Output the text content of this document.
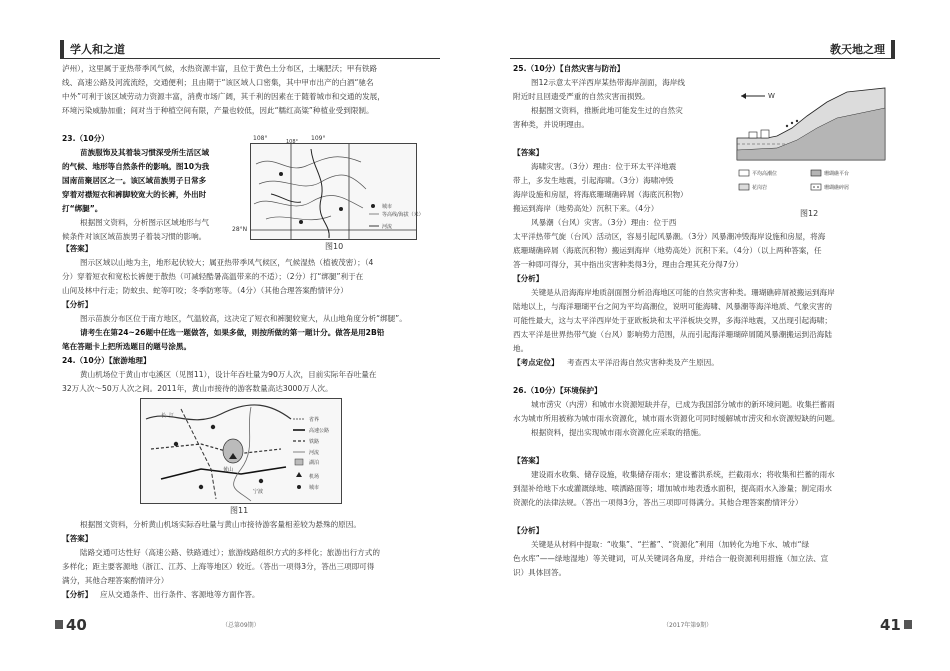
学人和之道
泸州），这里属于亚热带季风气候，水热资源丰富，且位于黄色土分布区，土壤肥沃；甲有铁路
线、高速公路及河流流经，交通便利；且由期于“该区域人口密集，其中甲市出产的白酒“驰名
中外”可利于该区域劳动力资源丰富，消费市场广阔，其千利的因素在于随着城市和交通的发展，
环境污染威胁加重；间对当于种植空间有限，产量也较低，因此“糯红高粱”种植业受到限制。
23.（10分）
苗族服饰及其着装习惯深受所生活区域
的气候、地形等自然条件的影响。图10为我
国南苗聚居区之一。该区域苗族男子日常多
穿着对襟短衣和裤脚较宽大的长裤，外出时
打“绑腿”。
根据图文资料，分析图示区域地形与气
候条件对该区域苗族男子着装习惯的影响。
108°
城市
等高线/海拔（米）
河流
108°	109°
28°N
图10
【答案】
图示区域以山地为主，地形起伏较大；属亚热带季风气候区，气候湿热（植被茂密）；（4
分）穿着短衣和宽松长裤便于散热（可减轻酷暑高温带来的不适）；（2分）打“绑腿”利于在
山间及林中行走；防蚊虫、蛇等叮咬；冬季防寒等。（4分）（其他合理答案酌情评分）
【分析】
图示苗族分布区位于南方地区，气温较高，这决定了短衣和裤腿较宽大，从山地角度分析“绑腿”。
请考生在第24~26题中任选一题做答，如果多做，则按所做的第一题计分。做答是用2B铅
笔在答题卡上把所选题目的题号涂黑。
24.（10分）【旅游地理】
黄山机场位于黄山市屯溪区（见图11），设计年吞吐量为90万人次，目前实际年吞吐量在
32万人次～50万人次之间。2011年，黄山市接待的游客数量高达3000万人次。
省界
高速公路
铁路
河流
湖泊
机场
城市
长 江
黄山
宁波
图11
根据图文资料，分析黄山机场实际吞吐量与黄山市接待游客量相差较为悬殊的原因。
【答案】
陆路交通可达性好（高速公路、铁路通过）；旅游线路组织方式的多样化；旅游出行方式的
多样化；距主要客源地（浙江、江苏、上海等地区）较近。（答出一项得3分，答出三项即可得
满分，其他合理答案酌情评分）
【分析】 应从交通条件、出行条件、客源地等方面作答。
40	（总第09期）
教天地之理
25.（10分）【自然灾害与防治】
图12示意太平洋西岸某热带海岸剖面，海岸线
附近时且回遗受严重的自然灾害而损毁。
根据图文资料，推断此地可能发生过的自然灾
害种类，并说明理由。
W
平均高潮位	珊瑚礁平台
花岗岩	珊瑚礁碎屑
图12
【答案】
海啸灾害。（3分）理由：位于环太平洋地震
带上，多发生地震，引起海啸。（3分）海啸冲毁
海岸设施和房屋，将海底珊瑚礁碎屑（海底沉积物）
搬运到海岸（地势高处）沉积下来。（4分）
风暴潮（台风）灾害。（3分）理由：位于西
太平洋热带气旋（台风）活动区，容易引起风暴潮。（3分）风暴潮冲毁海岸设施和房屋，将海
底珊瑚礁碎屑（海底沉积物）搬运到海岸（地势高处）沉积下来。（4分）（以上两种答案，任
答一种即可得分，其中指出灾害种类得3分，理由合理其充分得7分）
【分析】
关键是从沿海海岸地质剖面图分析沿海地区可能的自然灾害种类。珊瑚礁碎屑被搬运到海岸
陆地以上，与海洋珊瑚平台之间为平均高潮位，说明可能海啸、风暴潮等海洋地质、气象灾害的
可能性最大，这与太平洋西岸处于亚欧板块和太平洋板块交界，多海洋地震，又出现引起海啸；
西太平洋是世界热带气旋（台风）影响势力范围，从而引起海洋珊瑚碎屑随风暴潮搬运到沿海陆
地。
【考点定位】 考查西太平洋沿海自然灾害种类及产生原因。
26.（10分）【环境保护】
城市涝灾（内涝）和城市水资源短缺并存，已成为我国部分城市的新环境问题。收集拦蓄雨
水为城市所用被称为城市雨水资源化，城市雨水资源化可同时缓解城市涝灾和水资源短缺的问题。
根据资料，提出实现城市雨水资源化应采取的措施。
【答案】
建设雨水收集、储存设施，收集储存雨水；建设蓄洪系统，拦截雨水；将收集和拦蓄的雨水
到湿补给地下水或灌溉绿地、喷洒路面等；增加城市地表透水面积，提高雨水入渗量；制定雨水
资源化的法律法规。（答出一项得3分，答出三项即可得满分。其他合理答案酌情评分）
【分析】
关键是从材料中提取：“收集”、“拦蓄”、“资源化”利用（加转化为地下水、城市“绿
色水库”——绿地湿地）等关键词，可从关键词各角度，并结合一般资源利用措施（加立法、宣
识）具体回答。
（2017年第9期）	41
